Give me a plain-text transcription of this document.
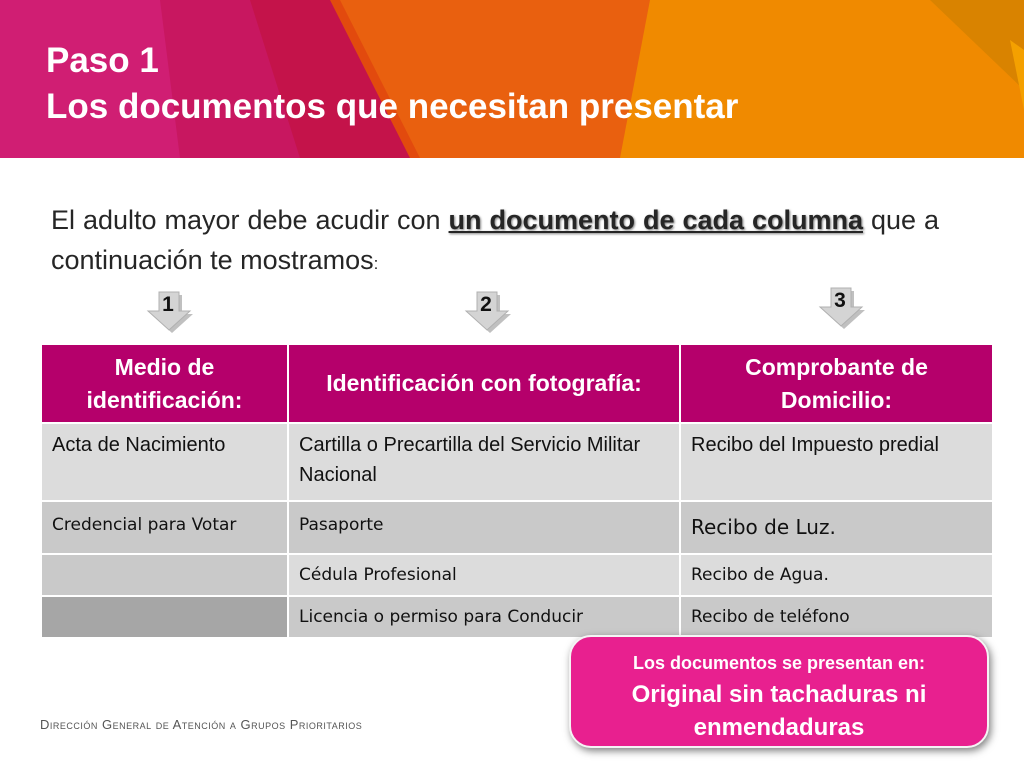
Paso 1
Los documentos que necesitan presentar

El adulto mayor debe acudir con un documento de cada columna que a continuación te mostramos:

1	2	3
Medio de identificación:	Identificación con fotografía:	Comprobante de Domicilio:
Acta de Nacimiento	Cartilla o Precartilla del Servicio Militar Nacional	Recibo del Impuesto predial
Credencial para Votar	Pasaporte	Recibo de Luz.
	Cédula Profesional	Recibo de Agua.
	Licencia o permiso para Conducir	Recibo de teléfono
Los documentos se presentan en:
Original sin tachaduras ni enmendaduras

Dirección General de Atención a Grupos Prioritarios
